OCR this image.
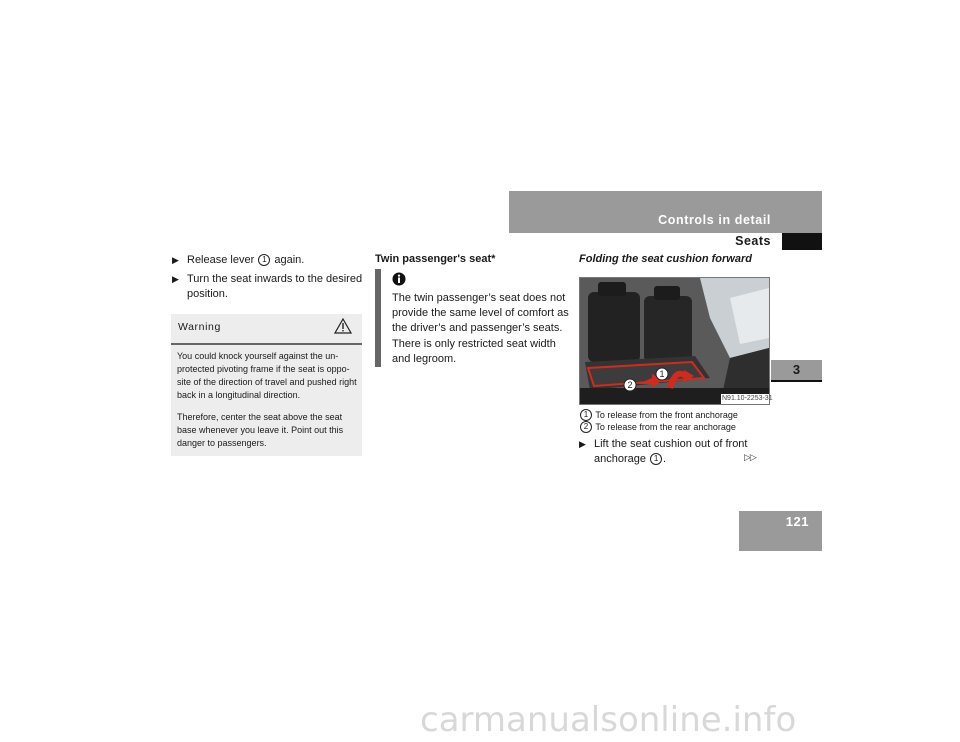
Controls in detail
Seats
3
121
▶ Release lever 1 again.
▶ Turn the seat inwards to the desired position.
Warning
You could knock yourself against the un-protected pivoting frame if the seat is oppo-site of the direction of travel and pushed right back in a longitudinal direction.
Therefore, center the seat above the seat base whenever you leave it. Point out this danger to passengers.
Twin passenger's seat*
The twin passenger’s seat does not provide the same level of comfort as the driver’s and passenger’s seats.
There is only restricted seat width and legroom.
Folding the seat cushion forward
2
1
N91.10-2253-31
1 To release from the front anchorage
2 To release from the rear anchorage
▶ Lift the seat cushion out of front anchorage 1 .	▷▷
carmanualsonline.info
